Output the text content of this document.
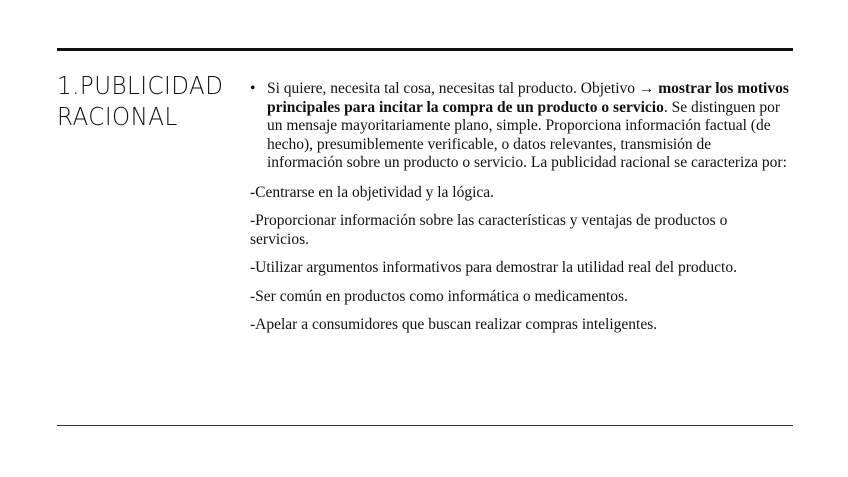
1.PUBLICIDAD
RACIONAL
• Si quiere, necesita tal cosa, necesitas tal producto. Objetivo → mostrar los motivos principales para incitar la compra de un producto o servicio. Se distinguen por un mensaje mayoritariamente plano, simple. Proporciona información factual (de hecho), presumiblemente verificable, o datos relevantes, transmisión de información sobre un producto o servicio. La publicidad racional se caracteriza por:
-Centrarse en la objetividad y la lógica.
-Proporcionar información sobre las características y ventajas de productos o servicios.
-Utilizar argumentos informativos para demostrar la utilidad real del producto.
-Ser común en productos como informática o medicamentos.
-Apelar a consumidores que buscan realizar compras inteligentes.
